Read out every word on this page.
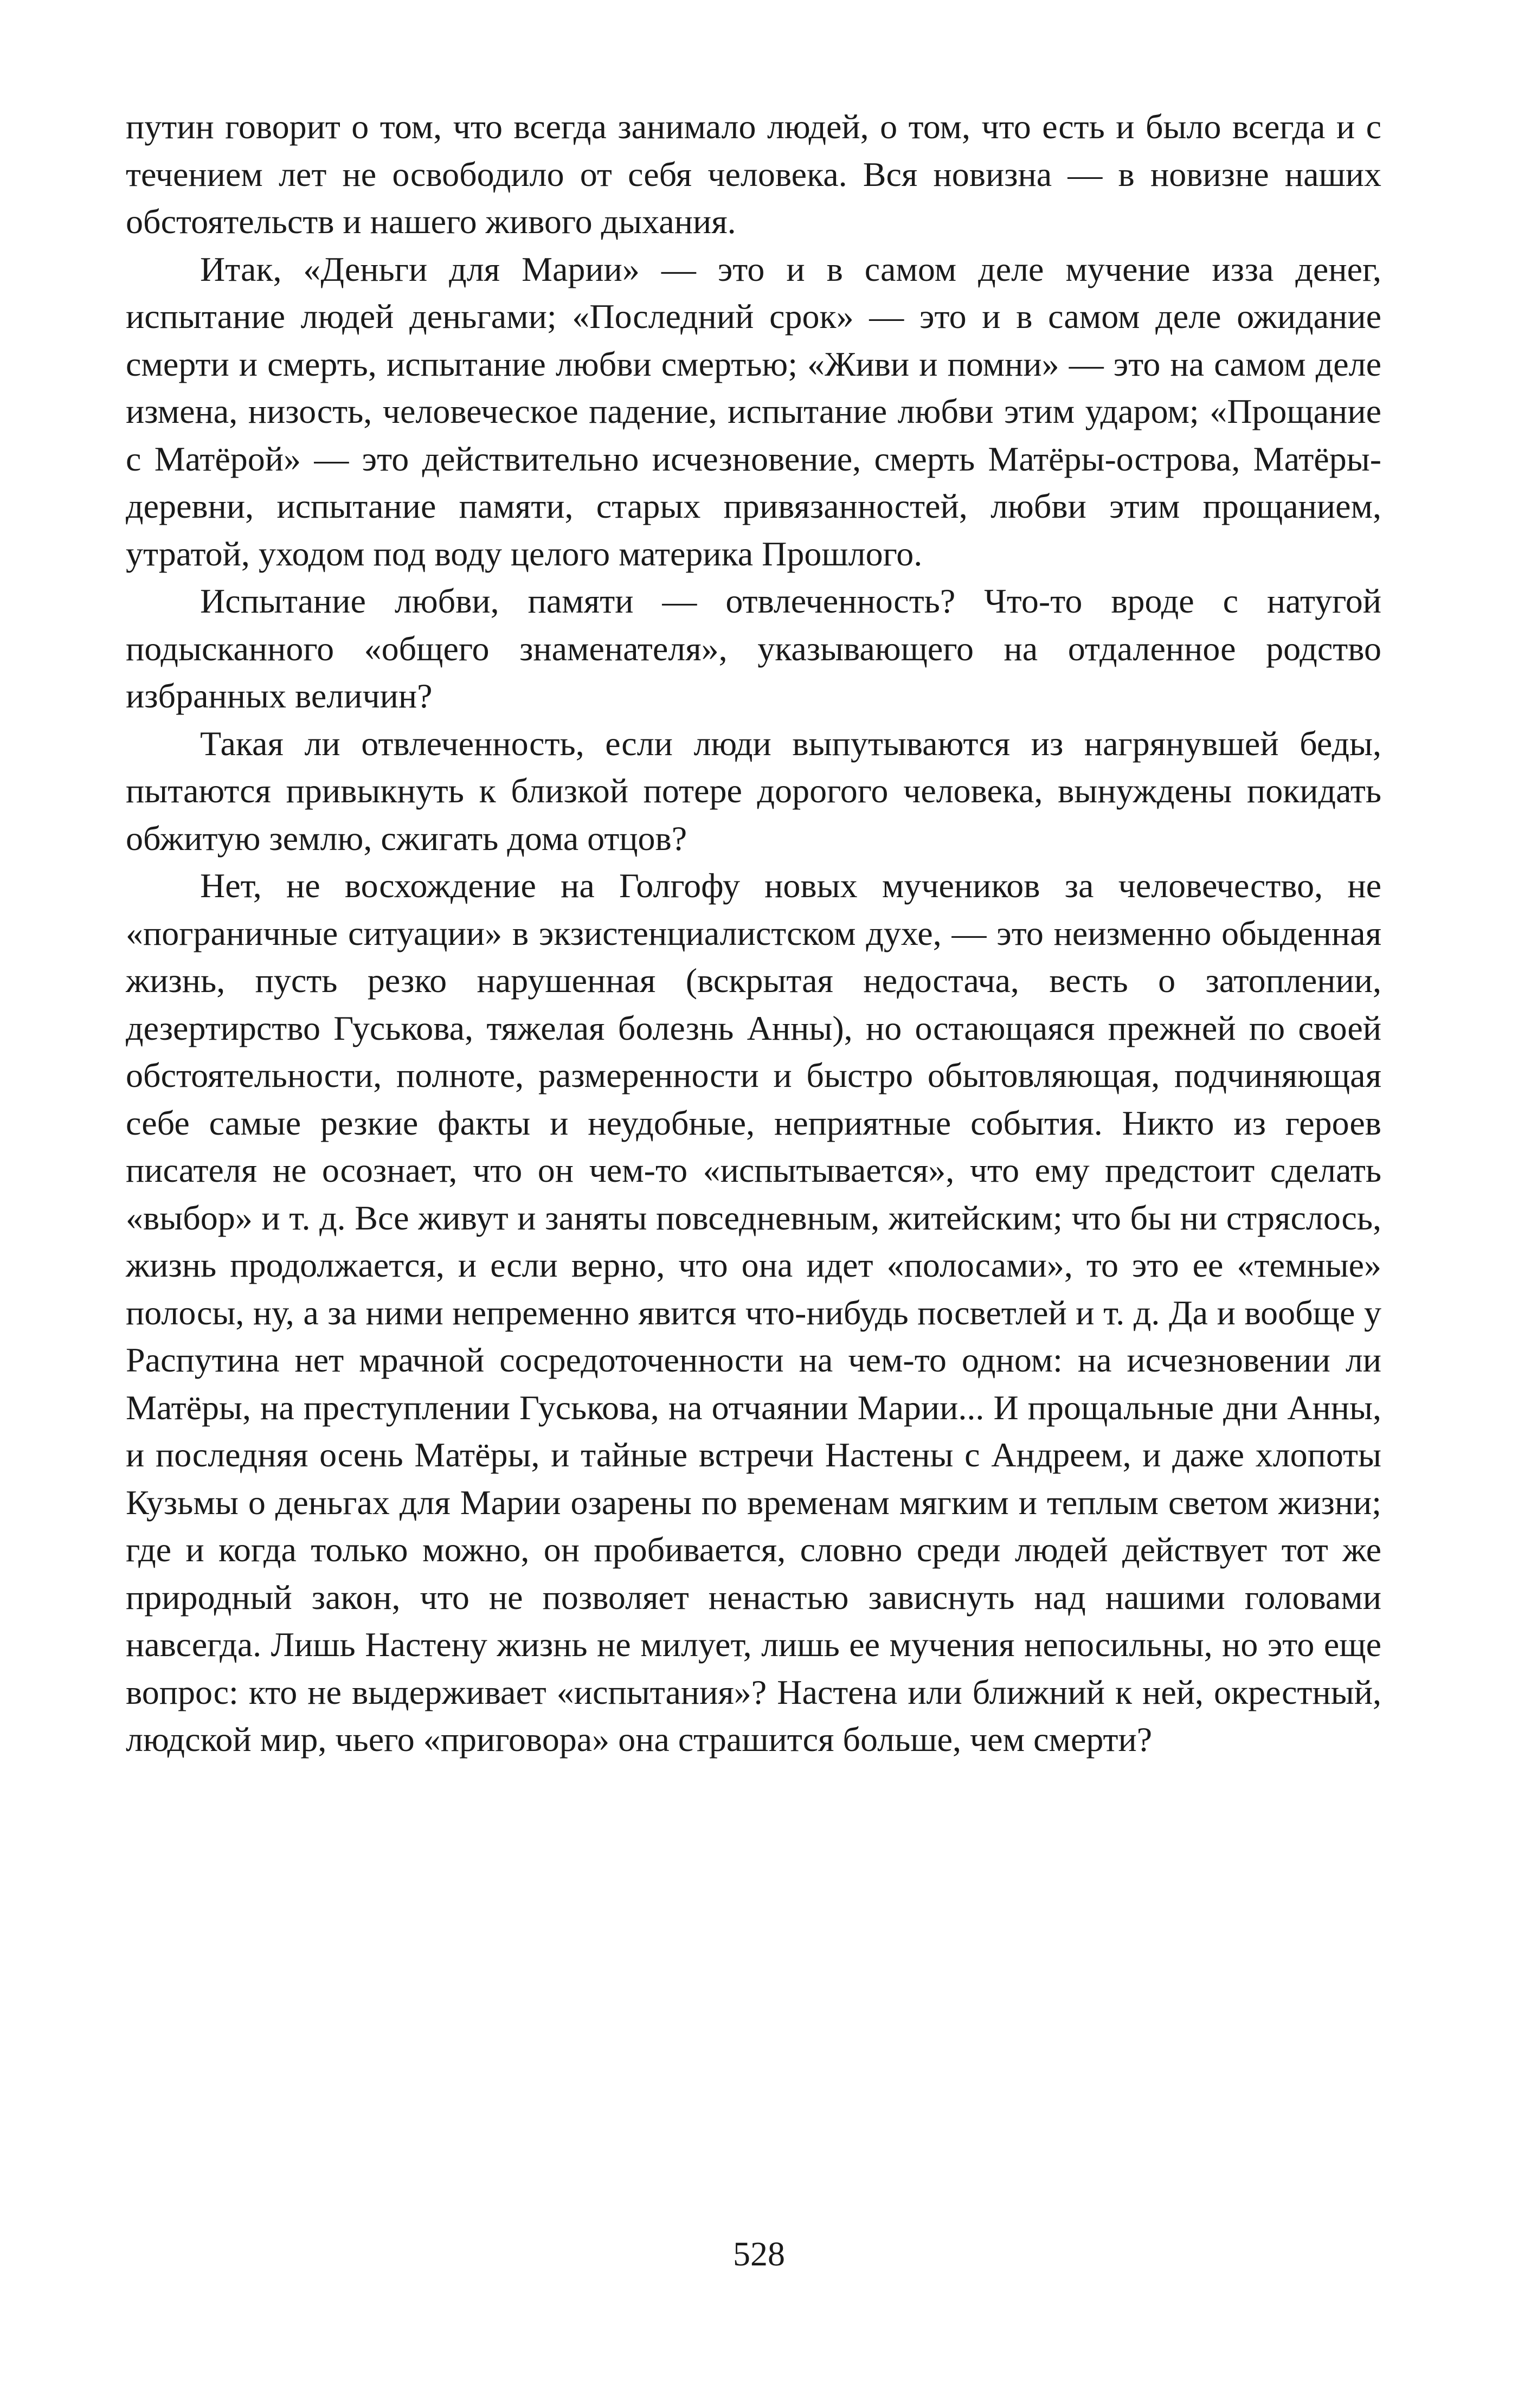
путин говорит о том, что всегда занимало людей, о том, что есть и было всегда и с течением лет не освободило от себя человека. Вся новизна — в новизне наших обстоятельств и нашего живого дыхания.

Итак, «Деньги для Марии» — это и в самом деле мучение изза денег, испытание людей деньгами; «Последний срок» — это и в самом деле ожидание смерти и смерть, испытание любви смертью; «Живи и помни» — это на самом деле измена, низость, человеческое падение, испытание любви этим ударом; «Прощание с Матёрой» — это действительно исчезновение, смерть Матёры-острова, Матёры-деревни, испытание памяти, старых привязанностей, любви этим прощанием, утратой, уходом под воду целого материка Прошлого.

Испытание любви, памяти — отвлеченность? Что-то вроде с натугой подысканного «общего знаменателя», указывающего на отдаленное родство избранных величин?

Такая ли отвлеченность, если люди выпутываются из нагрянувшей беды, пытаются привыкнуть к близкой потере дорогого человека, вынуждены покидать обжитую землю, сжигать дома отцов?

Нет, не восхождение на Голгофу новых мучеников за человечество, не «пограничные ситуации» в экзистенциалистском духе, — это неизменно обыденная жизнь, пусть резко нарушенная (вскрытая недостача, весть о затоплении, дезертирство Гуськова, тяжелая болезнь Анны), но остающаяся прежней по своей обстоятельности, полноте, размеренности и быстро обытовляющая, подчиняющая себе самые резкие факты и неудобные, неприятные события. Никто из героев писателя не осознает, что он чем-то «испытывается», что ему предстоит сделать «выбор» и т. д. Все живут и заняты повседневным, житейским; что бы ни стряслось, жизнь продолжается, и если верно, что она идет «полосами», то это ее «темные» полосы, ну, а за ними непременно явится что-нибудь посветлей и т. д. Да и вообще у Распутина нет мрачной сосредоточенности на чем-то одном: на исчезновении ли Матёры, на преступлении Гуськова, на отчаянии Марии... И прощальные дни Анны, и последняя осень Матёры, и тайные встречи Настены с Андреем, и даже хлопоты Кузьмы о деньгах для Марии озарены по временам мягким и теплым светом жизни; где и когда только можно, он пробивается, словно среди людей действует тот же природный закон, что не позволяет ненастью зависнуть над нашими головами навсегда. Лишь Настену жизнь не милует, лишь ее мучения непосильны, но это еще вопрос: кто не выдерживает «испытания»? Настена или ближний к ней, окрестный, людской мир, чьего «приговора» она страшится больше, чем смерти?

528
